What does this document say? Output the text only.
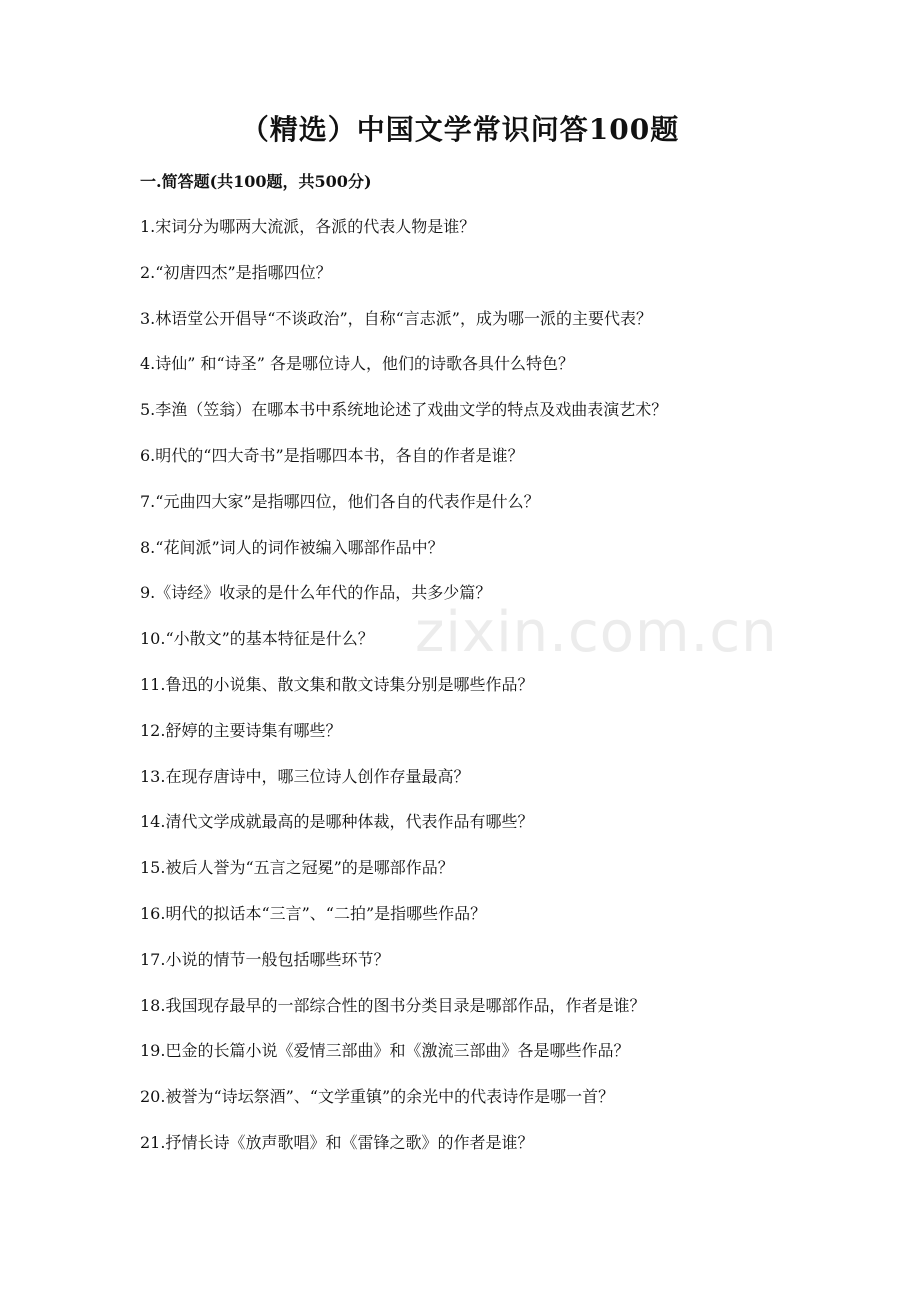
zixin.com.cn
（精选）中国文学常识问答100题
一.简答题(共100题，共500分)
1.宋词分为哪两大流派，各派的代表人物是谁？
2.“初唐四杰”是指哪四位？
3.林语堂公开倡导“不谈政治”，自称“言志派”，成为哪一派的主要代表？
4.诗仙” 和“诗圣” 各是哪位诗人，他们的诗歌各具什么特色？
5.李渔（笠翁）在哪本书中系统地论述了戏曲文学的特点及戏曲表演艺术？
6.明代的“四大奇书”是指哪四本书，各自的作者是谁？
7.“元曲四大家”是指哪四位，他们各自的代表作是什么？
8.“花间派”词人的词作被编入哪部作品中？
9.《诗经》收录的是什么年代的作品，共多少篇？
10.“小散文”的基本特征是什么？
11.鲁迅的小说集、散文集和散文诗集分别是哪些作品？
12.舒婷的主要诗集有哪些？
13.在现存唐诗中，哪三位诗人创作存量最高？
14.清代文学成就最高的是哪种体裁，代表作品有哪些？
15.被后人誉为“五言之冠冕”的是哪部作品？
16.明代的拟话本“三言”、“二拍”是指哪些作品？
17.小说的情节一般包括哪些环节？
18.我国现存最早的一部综合性的图书分类目录是哪部作品，作者是谁？
19.巴金的长篇小说《爱情三部曲》和《激流三部曲》各是哪些作品？
20.被誉为“诗坛祭酒”、“文学重镇”的余光中的代表诗作是哪一首？
21.抒情长诗《放声歌唱》和《雷锋之歌》的作者是谁？
